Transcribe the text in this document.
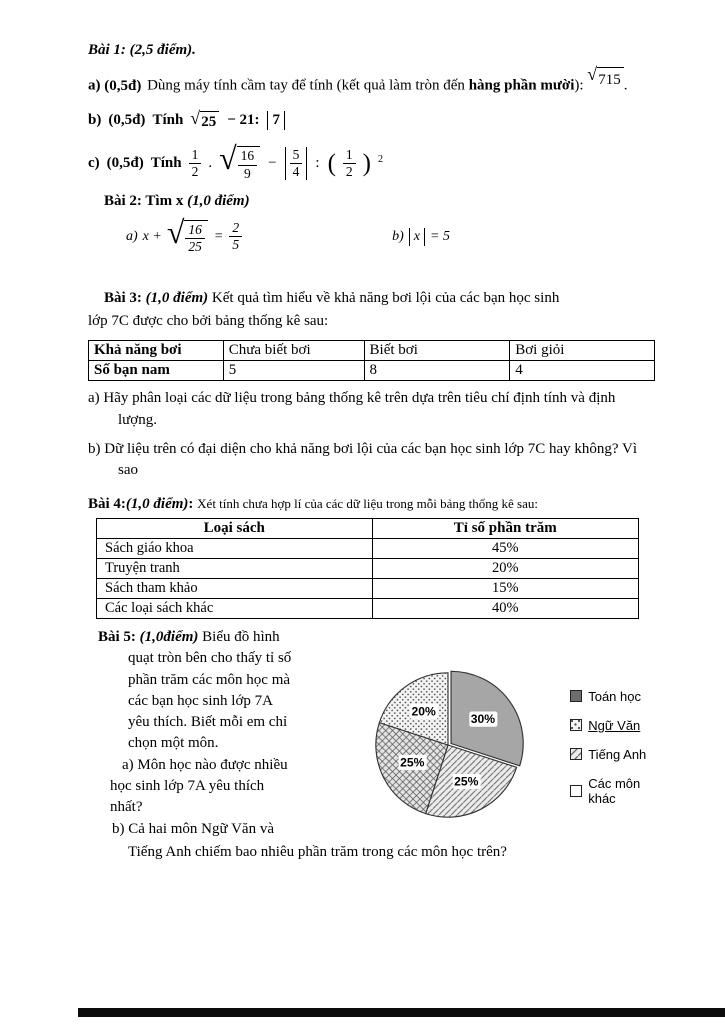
Bài 1: (2,5 điểm).
a) (0,5đ) Dùng máy tính cầm tay để tính (kết quả làm tròn đến hàng phần mười):
√ 715 .
b) (0,5đ) Tính √ 25 − 21: 7
c) (0,5đ) Tính $\frac{1}{2}$ . √ $\frac{16}{9} - \frac{5}{4}$ : ( $\frac{1}{2}$ ) $^2$
Bài 2: Tìm x (1,0 điểm)
a) x + √ $\frac{16}{25} = \frac{2}{5}$	b) x = 5
Bài 3: (1,0 điểm) Kết quả tìm hiểu về khả năng bơi lội của các bạn học sinh
lớp 7C được cho bởi bảng thống kê sau:
Khả năng bơi	Chưa biết bơi	Biết bơi	Bơi giỏi
Số bạn nam	5	8	4
a) Hãy phân loại các dữ liệu trong bảng thống kê trên dựa trên tiêu chí định tính và định
lượng.
b) Dữ liệu trên có đại diện cho khả năng bơi lội của các bạn học sinh lớp 7C hay không? Vì
sao
Bài 4:(1,0 điểm): Xét tính chưa hợp lí của các dữ liệu trong mỗi bảng thống kê sau:
Loại sách	Tỉ số phần trăm
Sách giáo khoa	45%
Truyện tranh	20%
Sách tham khảo	15%
Các loại sách khác	40%
Bài 5: (1,0điểm) Biểu đồ hình
quạt tròn bên cho thấy tỉ số
phần trăm các môn học mà
các bạn học sinh lớp 7A
yêu thích. Biết mỗi em chỉ
chọn một môn.
a) Môn học nào được nhiều
học sinh lớp 7A yêu thích
nhất?
b) Cả hai môn Ngữ Văn và
20%
30%
25%
25%
Toán học
Ngữ Văn
Tiếng Anh
Các môn khác
Tiếng Anh chiếm bao nhiêu phần trăm trong các môn học trên?
